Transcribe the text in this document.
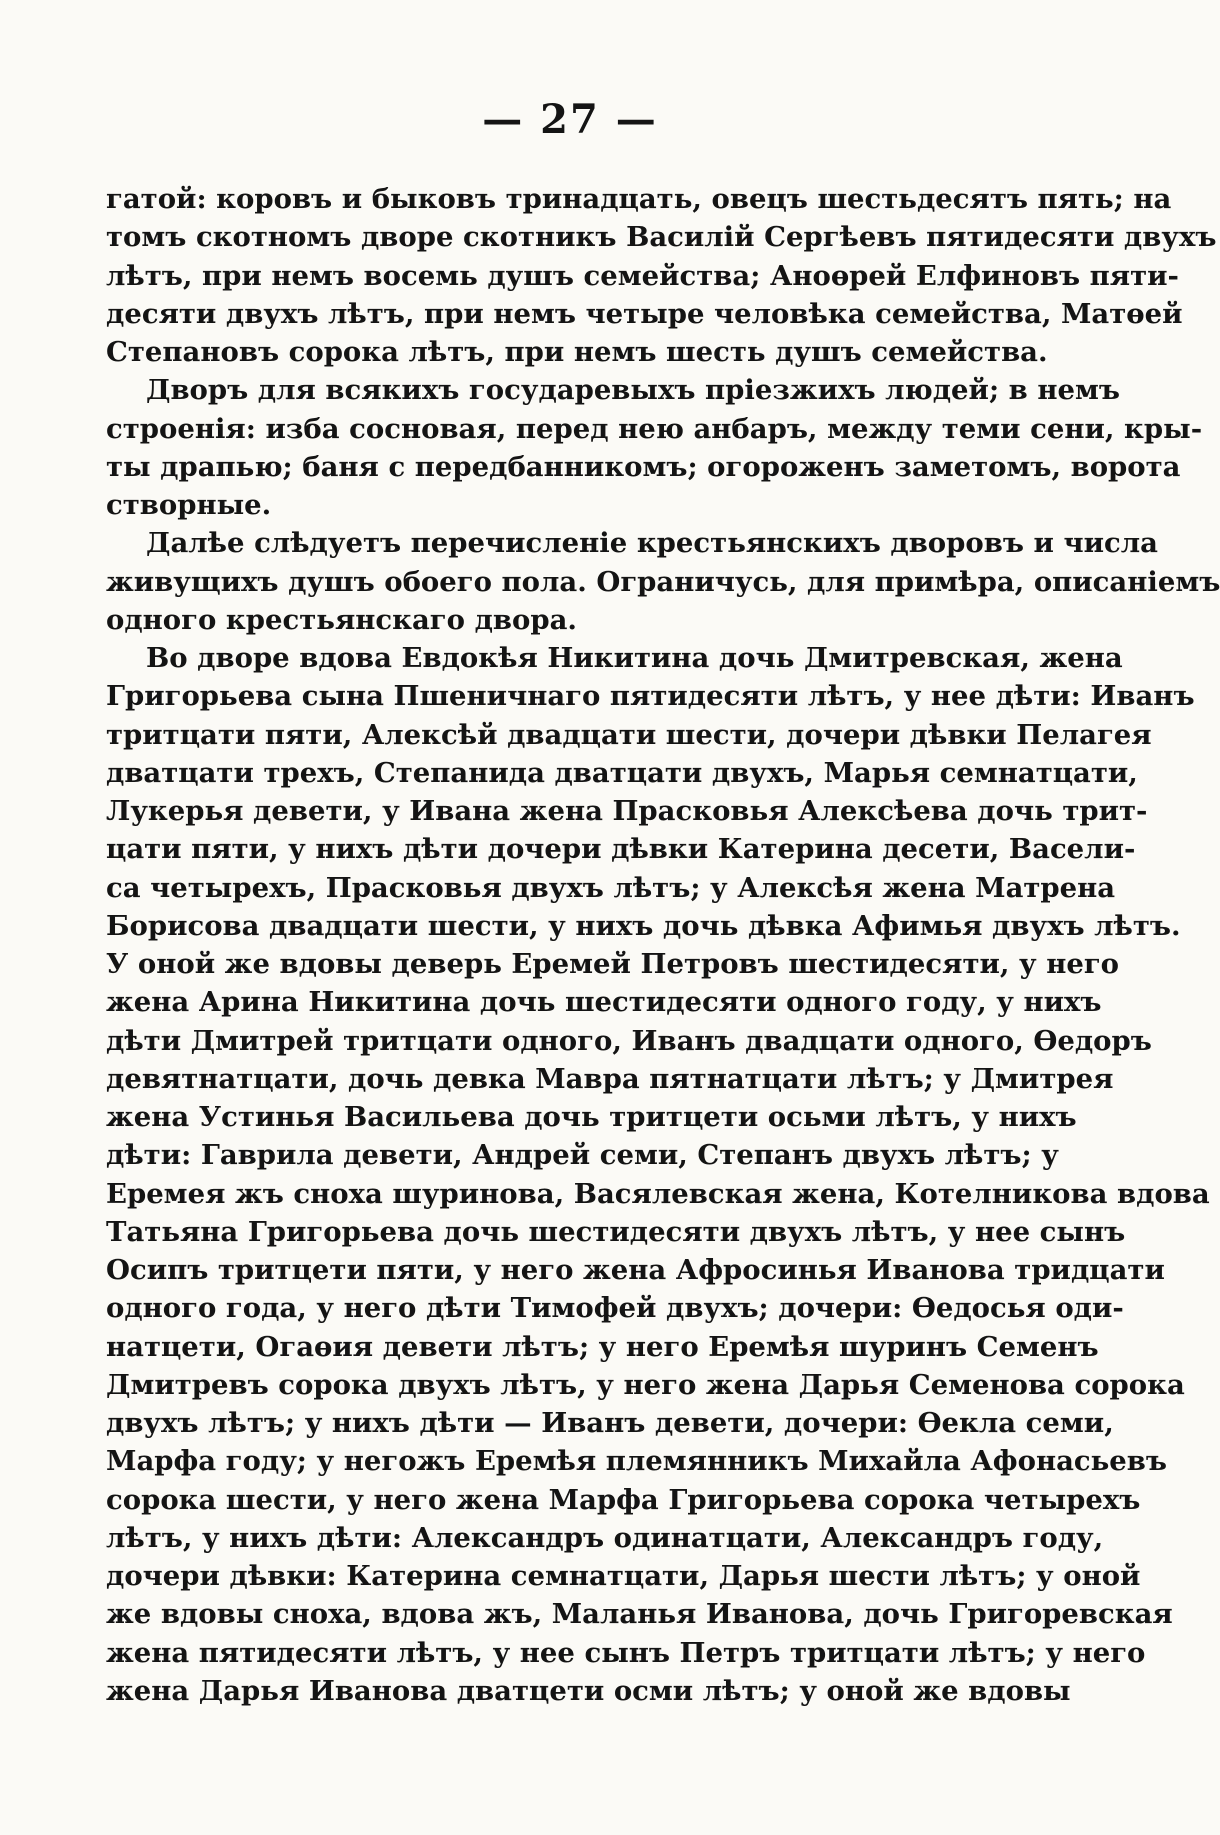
— 27 —
гатой: коровъ и быковъ тринадцать, овецъ шестьдесятъ пять; на
томъ скотномъ дворе скотникъ Василій Сергѣевъ пятидесяти двухъ
лѣтъ, при немъ восемь душъ семейства; Аноөрей Елфиновъ пяти-
десяти двухъ лѣтъ, при немъ четыре человѣка семейства, Матөей
Степановъ сорока лѣтъ, при немъ шесть душъ семейства.
Дворъ для всякихъ государевыхъ пріезжихъ людей; в немъ
строенія: изба сосновая, перед нею анбаръ, между теми сени, кры-
ты драпью; баня с передбанникомъ; огороженъ заметомъ, ворота
створные.
Далѣе слѣдуетъ перечисленіе крестьянскихъ дворовъ и числа
живущихъ душъ обоего пола. Ограничусь, для примѣра, описаніемъ
одного крестьянскаго двора.
Во дворе вдова Евдокѣя Никитина дочь Дмитревская, жена
Григорьева сына Пшеничнаго пятидесяти лѣтъ, у нее дѣти: Иванъ
тритцати пяти, Алексѣй двадцати шести, дочери дѣвки Пелагея
дватцати трехъ, Степанида дватцати двухъ, Марья семнатцати,
Лукерья девети, у Ивана жена Прасковья Алексѣева дочь трит-
цати пяти, у нихъ дѣти дочери дѣвки Катерина десети, Васели-
са четырехъ, Прасковья двухъ лѣтъ; у Алексѣя жена Матрена
Борисова двадцати шести, у нихъ дочь дѣвка Афимья двухъ лѣтъ.
У оной же вдовы деверь Еремей Петровъ шестидесяти, у него
жена Арина Никитина дочь шестидесяти одного году, у нихъ
дѣти Дмитрей тритцати одного, Иванъ двадцати одного, Өедоръ
девятнатцати, дочь девка Мавра пятнатцати лѣтъ; у Дмитрея
жена Устинья Васильева дочь тритцети осьми лѣтъ, у нихъ
дѣти: Гаврила девети, Андрей семи, Степанъ двухъ лѣтъ; у
Еремея жъ сноха шуринова, Васялевская жена, Котелникова вдова
Татьяна Григорьева дочь шестидесяти двухъ лѣтъ, у нее сынъ
Осипъ тритцети пяти, у него жена Афросинья Иванова тридцати
одного года, у него дѣти Тимофей двухъ; дочери: Өедосья оди-
натцети, Огаөия девети лѣтъ; у него Еремѣя шуринъ Семенъ
Дмитревъ сорока двухъ лѣтъ, у него жена Дарья Семенова сорока
двухъ лѣтъ; у нихъ дѣти — Иванъ девети, дочери: Өекла семи,
Марфа году; у негожъ Еремѣя племянникъ Михайла Афонасьевъ
сорока шести, у него жена Марфа Григорьева сорока четырехъ
лѣтъ, у нихъ дѣти: Александръ одинатцати, Александръ году,
дочери дѣвки: Катерина семнатцати, Дарья шести лѣтъ; у оной
же вдовы сноха, вдова жъ, Маланья Иванова, дочь Григоревская
жена пятидесяти лѣтъ, у нее сынъ Петръ тритцати лѣтъ; у него
жена Дарья Иванова дватцети осми лѣтъ; у оной же вдовы
